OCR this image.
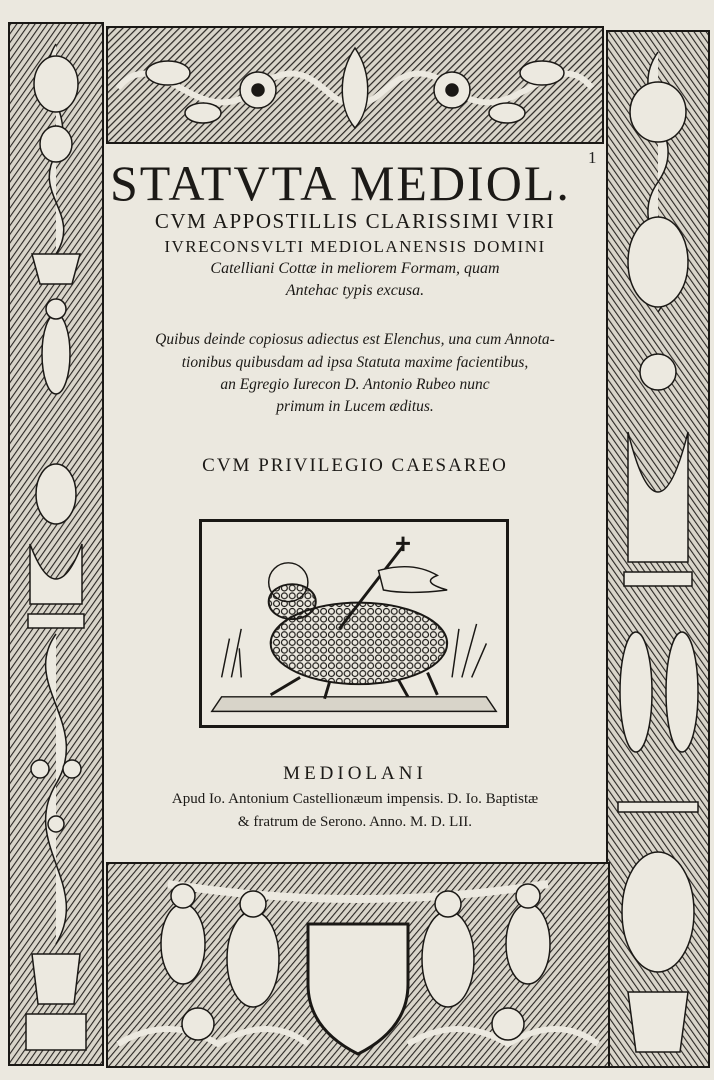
1
STATVTA MEDIOL.
CVM APPOSTILLIS CLARISSIMI VIRI
IVRECONSVLTI MEDIOLANENSIS DOMINI
Catelliani Cottæ in meliorem Formam, quam
Antehac typis excusa.
Quibus deinde copiosus adiectus est Elenchus, una cum Annota-
tionibus quibusdam ad ipsa Statuta maxime facientibus,
an Egregio Iurecon D. Antonio Rubeo nunc
primum in Lucem æditus.
CVM PRIVILEGIO CAESAREO
MEDIOLANI
Apud Io. Antonium Castellionæum impensis. D. Io. Baptistæ
& fratrum de Serono. Anno. M. D. LII.
